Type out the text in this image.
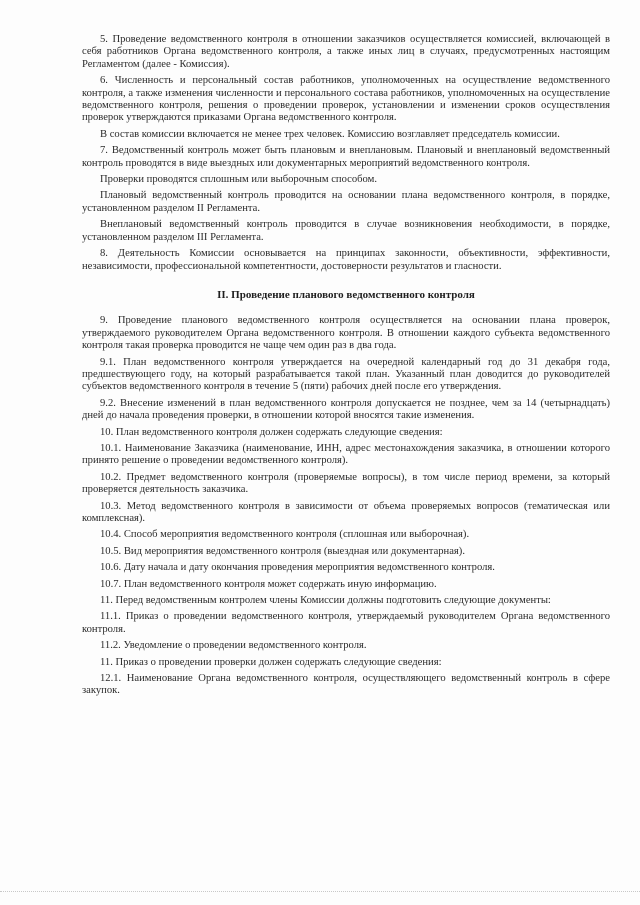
5. Проведение ведомственного контроля в отношении заказчиков осуществляется комиссией, включающей в себя работников Органа ведомственного контроля, а также иных лиц в случаях, предусмотренных настоящим Регламентом (далее - Комиссия).

6. Численность и персональный состав работников, уполномоченных на осуществление ведомственного контроля, а также изменения численности и персонального состава работников, уполномоченных на осуществление ведомственного контроля, решения о проведении проверок, установлении и изменении сроков осуществления проверок утверждаются приказами Органа ведомственного контроля.

В состав комиссии включается не менее трех человек. Комиссию возглавляет председатель комиссии.

7. Ведомственный контроль может быть плановым и внеплановым. Плановый и внеплановый ведомственный контроль проводятся в виде выездных или документарных мероприятий ведомственного контроля.

Проверки проводятся сплошным или выборочным способом.

Плановый ведомственный контроль проводится на основании плана ведомственного контроля, в порядке, установленном разделом II Регламента.

Внеплановый ведомственный контроль проводится в случае возникновения необходимости, в порядке, установленном разделом III Регламента.

8. Деятельность Комиссии основывается на принципах законности, объективности, эффективности, независимости, профессиональной компетентности, достоверности результатов и гласности.

II. Проведение планового ведомственного контроля

9. Проведение планового ведомственного контроля осуществляется на основании плана проверок, утверждаемого руководителем Органа ведомственного контроля. В отношении каждого субъекта ведомственного контроля такая проверка проводится не чаще чем один раз в два года.

9.1. План ведомственного контроля утверждается на очередной календарный год до 31 декабря года, предшествующего году, на который разрабатывается такой план. Указанный план доводится до руководителей субъектов ведомственного контроля в течение 5 (пяти) рабочих дней после его утверждения.

9.2. Внесение изменений в план ведомственного контроля допускается не позднее, чем за 14 (четырнадцать) дней до начала проведения проверки, в отношении которой вносятся такие изменения.

10. План ведомственного контроля должен содержать следующие сведения:

10.1. Наименование Заказчика (наименование, ИНН, адрес местонахождения заказчика, в отношении которого принято решение о проведении ведомственного контроля).

10.2. Предмет ведомственного контроля (проверяемые вопросы), в том числе период времени, за который проверяется деятельность заказчика.

10.3. Метод ведомственного контроля в зависимости от объема проверяемых вопросов (тематическая или комплексная).

10.4. Способ мероприятия ведомственного контроля (сплошная или выборочная).

10.5. Вид мероприятия ведомственного контроля (выездная или документарная).

10.6. Дату начала и дату окончания проведения мероприятия ведомственного контроля.

10.7. План ведомственного контроля может содержать иную информацию.

11. Перед ведомственным контролем члены Комиссии должны подготовить следующие документы:

11.1. Приказ о проведении ведомственного контроля, утверждаемый руководителем Органа ведомственного контроля.

11.2. Уведомление о проведении ведомственного контроля.

11. Приказ о проведении проверки должен содержать следующие сведения:

12.1. Наименование Органа ведомственного контроля, осуществляющего ведомственный контроль в сфере закупок.
